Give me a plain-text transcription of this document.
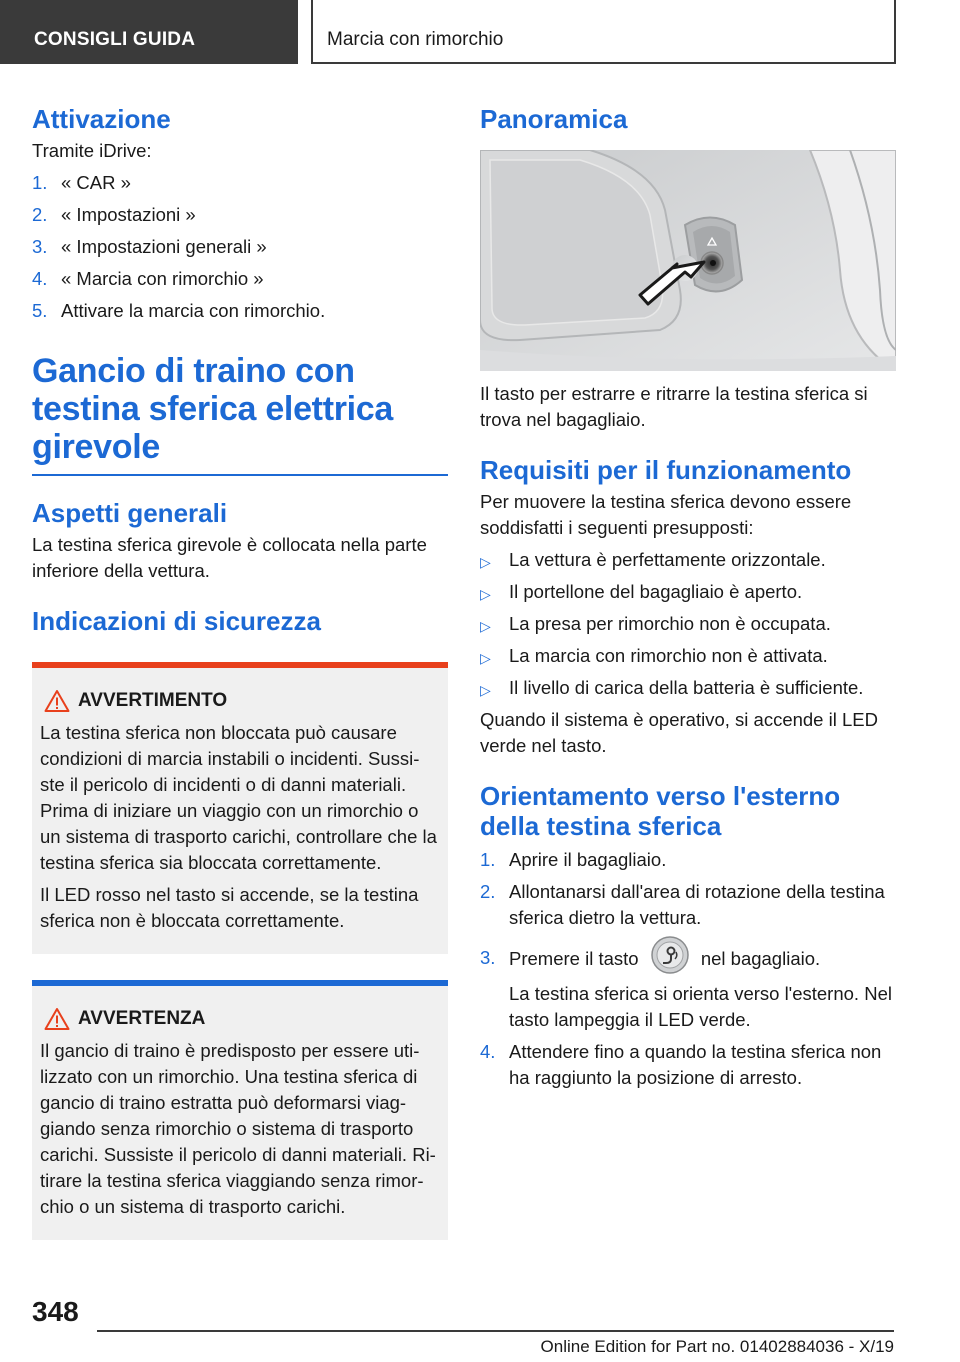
CONSIGLI GUIDA	Marcia con rimorchio
Attivazione

Tramite iDrive:

1. « CAR »
2. « Impostazioni »
3. « Impostazioni generali »
4. « Marcia con rimorchio »
5. Attivare la marcia con rimorchio.
Gancio di traino con testina sferica elettrica girevole
Aspetti generali

La testina sferica girevole è collocata nella parte inferiore della vettura.

Indicazioni di sicurezza
AVVERTIMENTO

La testina sferica non bloccata può causare condizioni di marcia instabili o incidenti. Sussi-ste il pericolo di incidenti o di danni materiali. Prima di iniziare un viaggio con un rimorchio o un sistema di trasporto carichi, controllare che la testina sferica sia bloccata correttamente.

Il LED rosso nel tasto si accende, se la testina sferica non è bloccata correttamente.

AVVERTENZA

Il gancio di traino è predisposto per essere uti-lizzato con un rimorchio. Una testina sferica di gancio di traino estratta può deformarsi viag-giando senza rimorchio o sistema di trasporto carichi. Sussiste il pericolo di danni materiali. Ri-tirare la testina sferica viaggiando senza rimor-chio o un sistema di trasporto carichi.

Panoramica

Il tasto per estrarre e ritrarre la testina sferica si trova nel bagagliaio.

Requisiti per il funzionamento

Per muovere la testina sferica devono essere soddisfatti i seguenti presupposti:

▷ La vettura è perfettamente orizzontale.
▷ Il portellone del bagagliaio è aperto.
▷ La presa per rimorchio non è occupata.
▷ La marcia con rimorchio non è attivata.
▷ Il livello di carica della batteria è sufficiente.

Quando il sistema è operativo, si accende il LED verde nel tasto.

Orientamento verso l'esterno della testina sferica
1. Aprire il bagagliaio.
2. Allontanarsi dall'area di rotazione della testina sferica dietro la vettura.
3. Premere il tasto	nel bagagliaio.

La testina sferica si orienta verso l'esterno. Nel tasto lampeggia il LED verde.

4. Attendere fino a quando la testina sferica non ha raggiunto la posizione di arresto.
348
Online Edition for Part no. 01402884036 - X/19
